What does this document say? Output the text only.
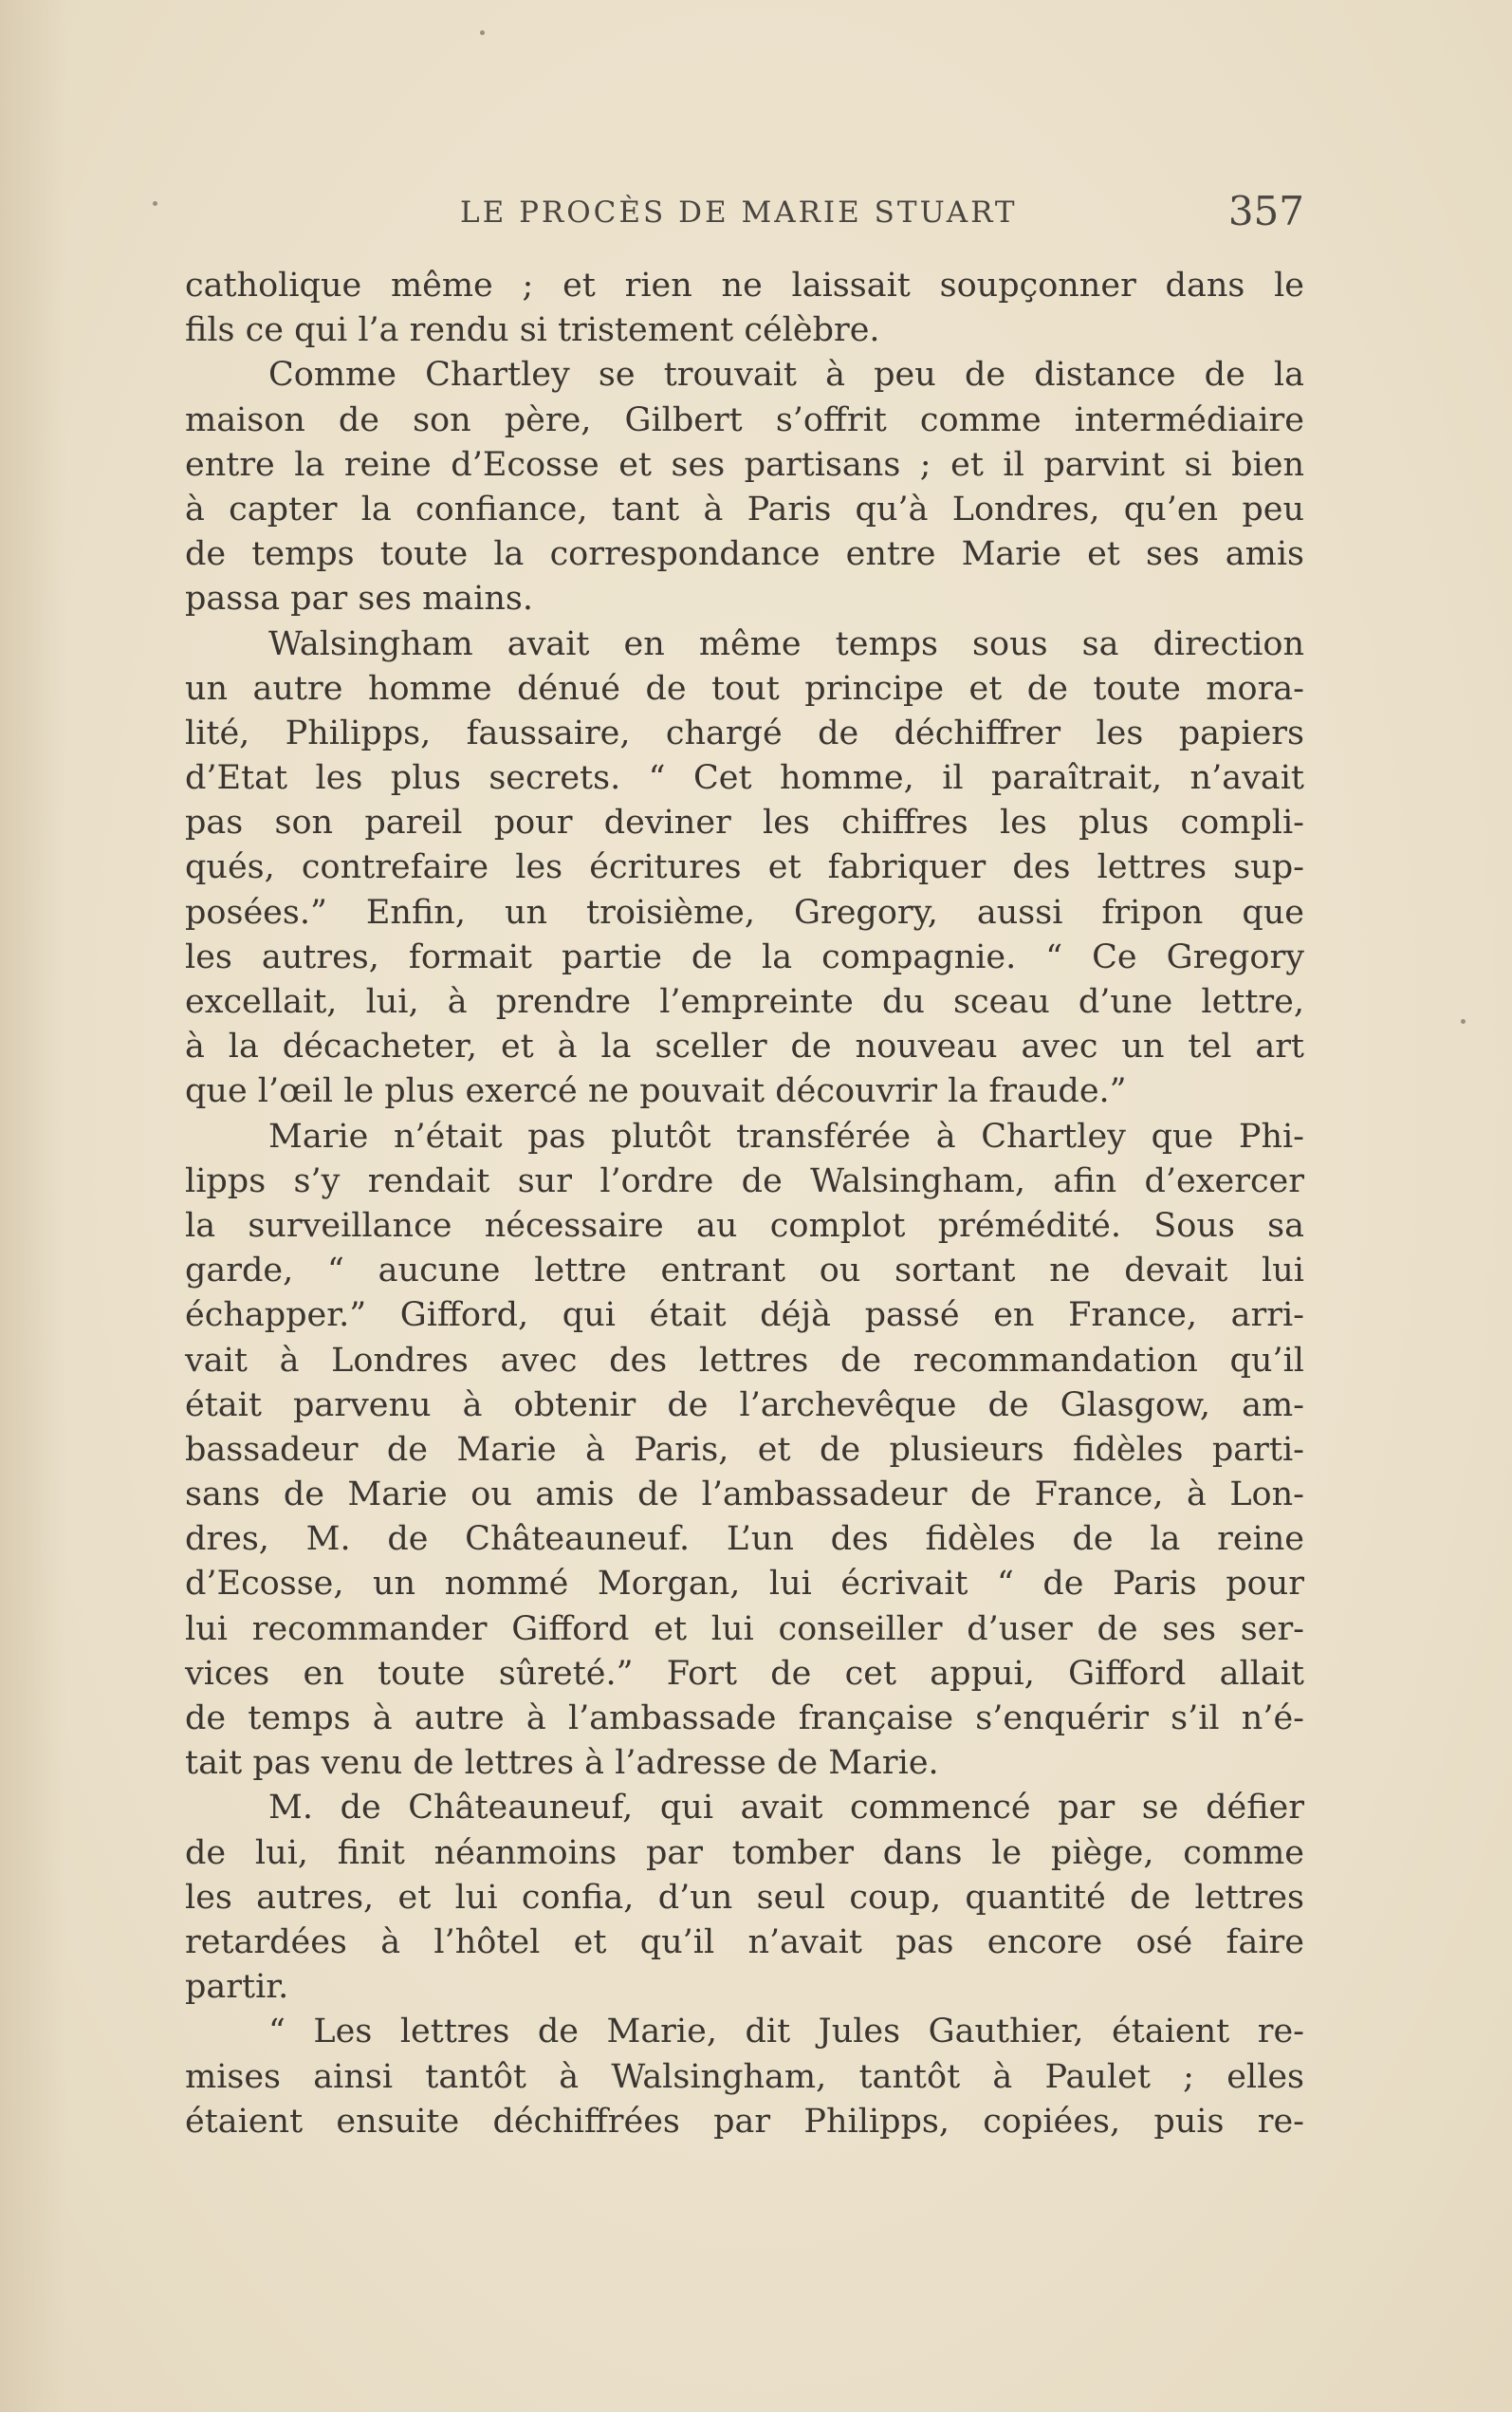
LE PROCÈS DE MARIE STUART	357
catholique même ; et rien ne laissait soupçonner dans le
fils ce qui l’a rendu si tristement célèbre.
Comme Chartley se trouvait à peu de distance de la
maison de son père, Gilbert s’offrit comme intermédiaire
entre la reine d’Ecosse et ses partisans ; et il parvint si bien
à capter la confiance, tant à Paris qu’à Londres, qu’en peu
de temps toute la correspondance entre Marie et ses amis
passa par ses mains.
Walsingham avait en même temps sous sa direction
un autre homme dénué de tout principe et de toute mora-
lité, Philipps, faussaire, chargé de déchiffrer les papiers
d’Etat les plus secrets. “ Cet homme, il paraîtrait, n’avait
pas son pareil pour deviner les chiffres les plus compli-
qués, contrefaire les écritures et fabriquer des lettres sup-
posées.” Enfin, un troisième, Gregory, aussi fripon que
les autres, formait partie de la compagnie. “ Ce Gregory
excellait, lui, à prendre l’empreinte du sceau d’une lettre,
à la décacheter, et à la sceller de nouveau avec un tel art
que l’œil le plus exercé ne pouvait découvrir la fraude.”
Marie n’était pas plutôt transférée à Chartley que Phi-
lipps s’y rendait sur l’ordre de Walsingham, afin d’exercer
la surveillance nécessaire au complot prémédité. Sous sa
garde, “ aucune lettre entrant ou sortant ne devait lui
échapper.” Gifford, qui était déjà passé en France, arri-
vait à Londres avec des lettres de recommandation qu’il
était parvenu à obtenir de l’archevêque de Glasgow, am-
bassadeur de Marie à Paris, et de plusieurs fidèles parti-
sans de Marie ou amis de l’ambassadeur de France, à Lon-
dres, M. de Châteauneuf. L’un des fidèles de la reine
d’Ecosse, un nommé Morgan, lui écrivait “ de Paris pour
lui recommander Gifford et lui conseiller d’user de ses ser-
vices en toute sûreté.” Fort de cet appui, Gifford allait
de temps à autre à l’ambassade française s’enquérir s’il n’é-
tait pas venu de lettres à l’adresse de Marie.
M. de Châteauneuf, qui avait commencé par se défier
de lui, finit néanmoins par tomber dans le piège, comme
les autres, et lui confia, d’un seul coup, quantité de lettres
retardées à l’hôtel et qu’il n’avait pas encore osé faire
partir.
“ Les lettres de Marie, dit Jules Gauthier, étaient re-
mises ainsi tantôt à Walsingham, tantôt à Paulet ; elles
étaient ensuite déchiffrées par Philipps, copiées, puis re-
